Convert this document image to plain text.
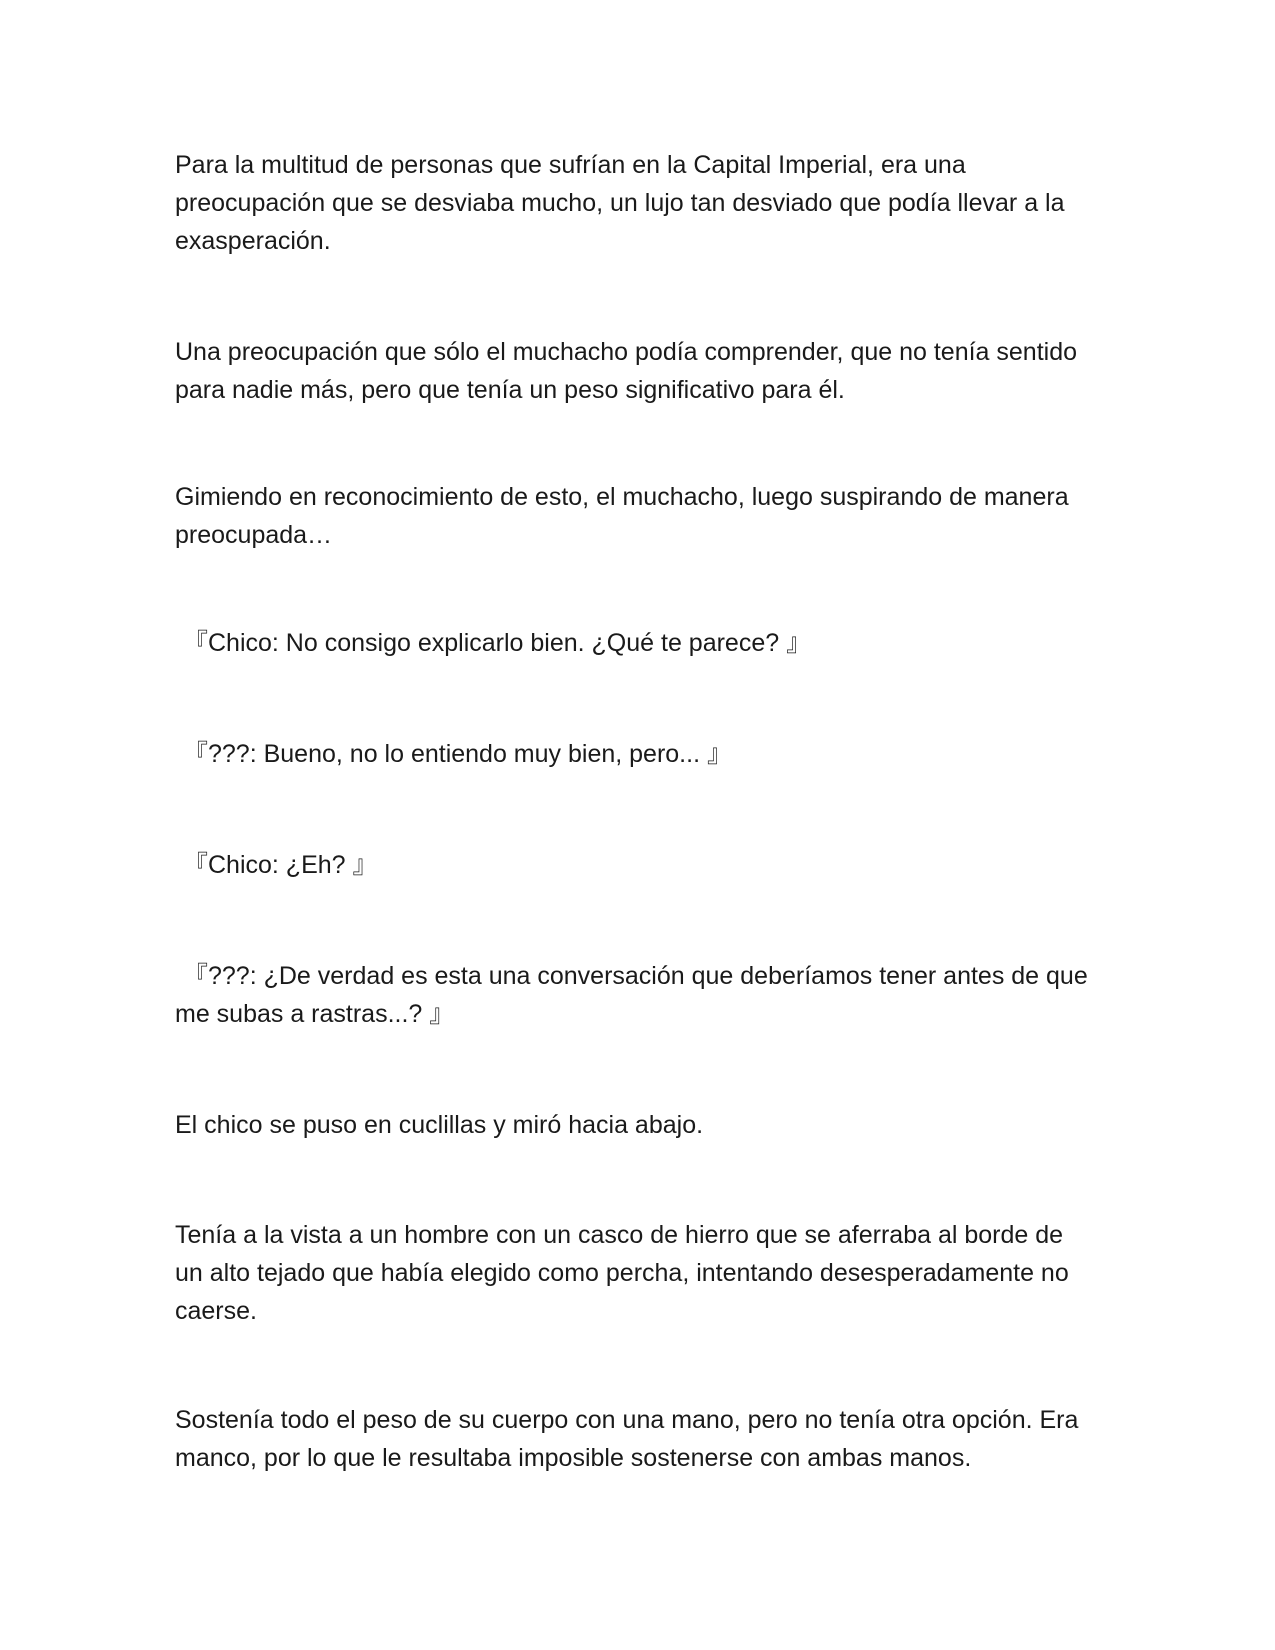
Para la multitud de personas que sufrían en la Capital Imperial, era una preocupación que se desviaba mucho, un lujo tan desviado que podía llevar a la exasperación.

Una preocupación que sólo el muchacho podía comprender, que no tenía sentido para nadie más, pero que tenía un peso significativo para él.

Gimiendo en reconocimiento de esto, el muchacho, luego suspirando de manera preocupada…

『Chico: No consigo explicarlo bien. ¿Qué te parece? 』

『???: Bueno, no lo entiendo muy bien, pero... 』

『Chico: ¿Eh? 』

『???: ¿De verdad es esta una conversación que deberíamos tener antes de que me subas a rastras...? 』

El chico se puso en cuclillas y miró hacia abajo.

Tenía a la vista a un hombre con un casco de hierro que se aferraba al borde de un alto tejado que había elegido como percha, intentando desesperadamente no caerse.

Sostenía todo el peso de su cuerpo con una mano, pero no tenía otra opción. Era manco, por lo que le resultaba imposible sostenerse con ambas manos.
